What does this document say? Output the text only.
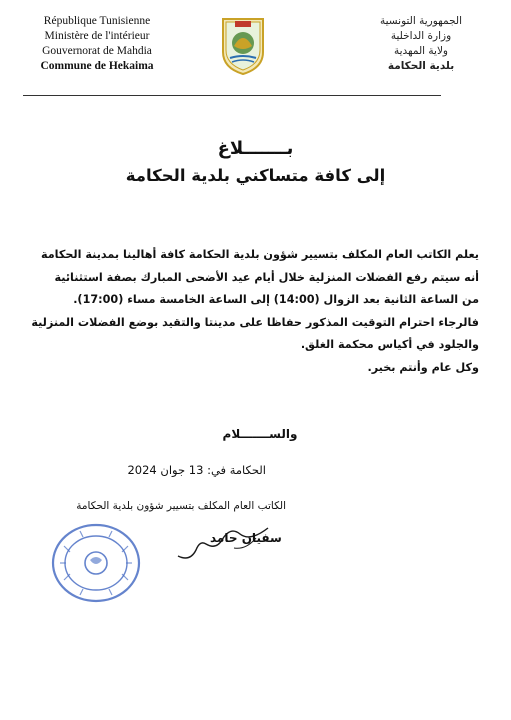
République Tunisienne
Ministère de l'intérieur
Gouvernorat de Mahdia
Commune de Hekaima
الجمهورية التونسية
وزارة الداخلية
ولاية المهدية
بلدية الحكامة
بـــــــلاغ
إلى كافة متساكني بلدية الحكامة

يعلم الكاتب العام المكلف بتسيير شؤون بلدية الحكامة كافة أهالينا بمدينة الحكامة

أنه سيتم رفع الفضلات المنزلية خلال أيام عيد الأضحى المبارك بصفة استثنائية

من الساعة الثانية بعد الزوال (14:00) إلى الساعة الخامسة مساء (17:00).

فالرجاء احترام التوقيت المذكور حفاظا على مدينتا والتقيد بوضع الفضلات المنزلية

والجلود في أكياس محكمة الغلق.

وكل عام وأنتم بخير.

والســـــــلام
الحكامة في: 13 جوان 2024
الكاتب العام المكلف بتسيير شؤون بلدية الحكامة
سفيان حامد
